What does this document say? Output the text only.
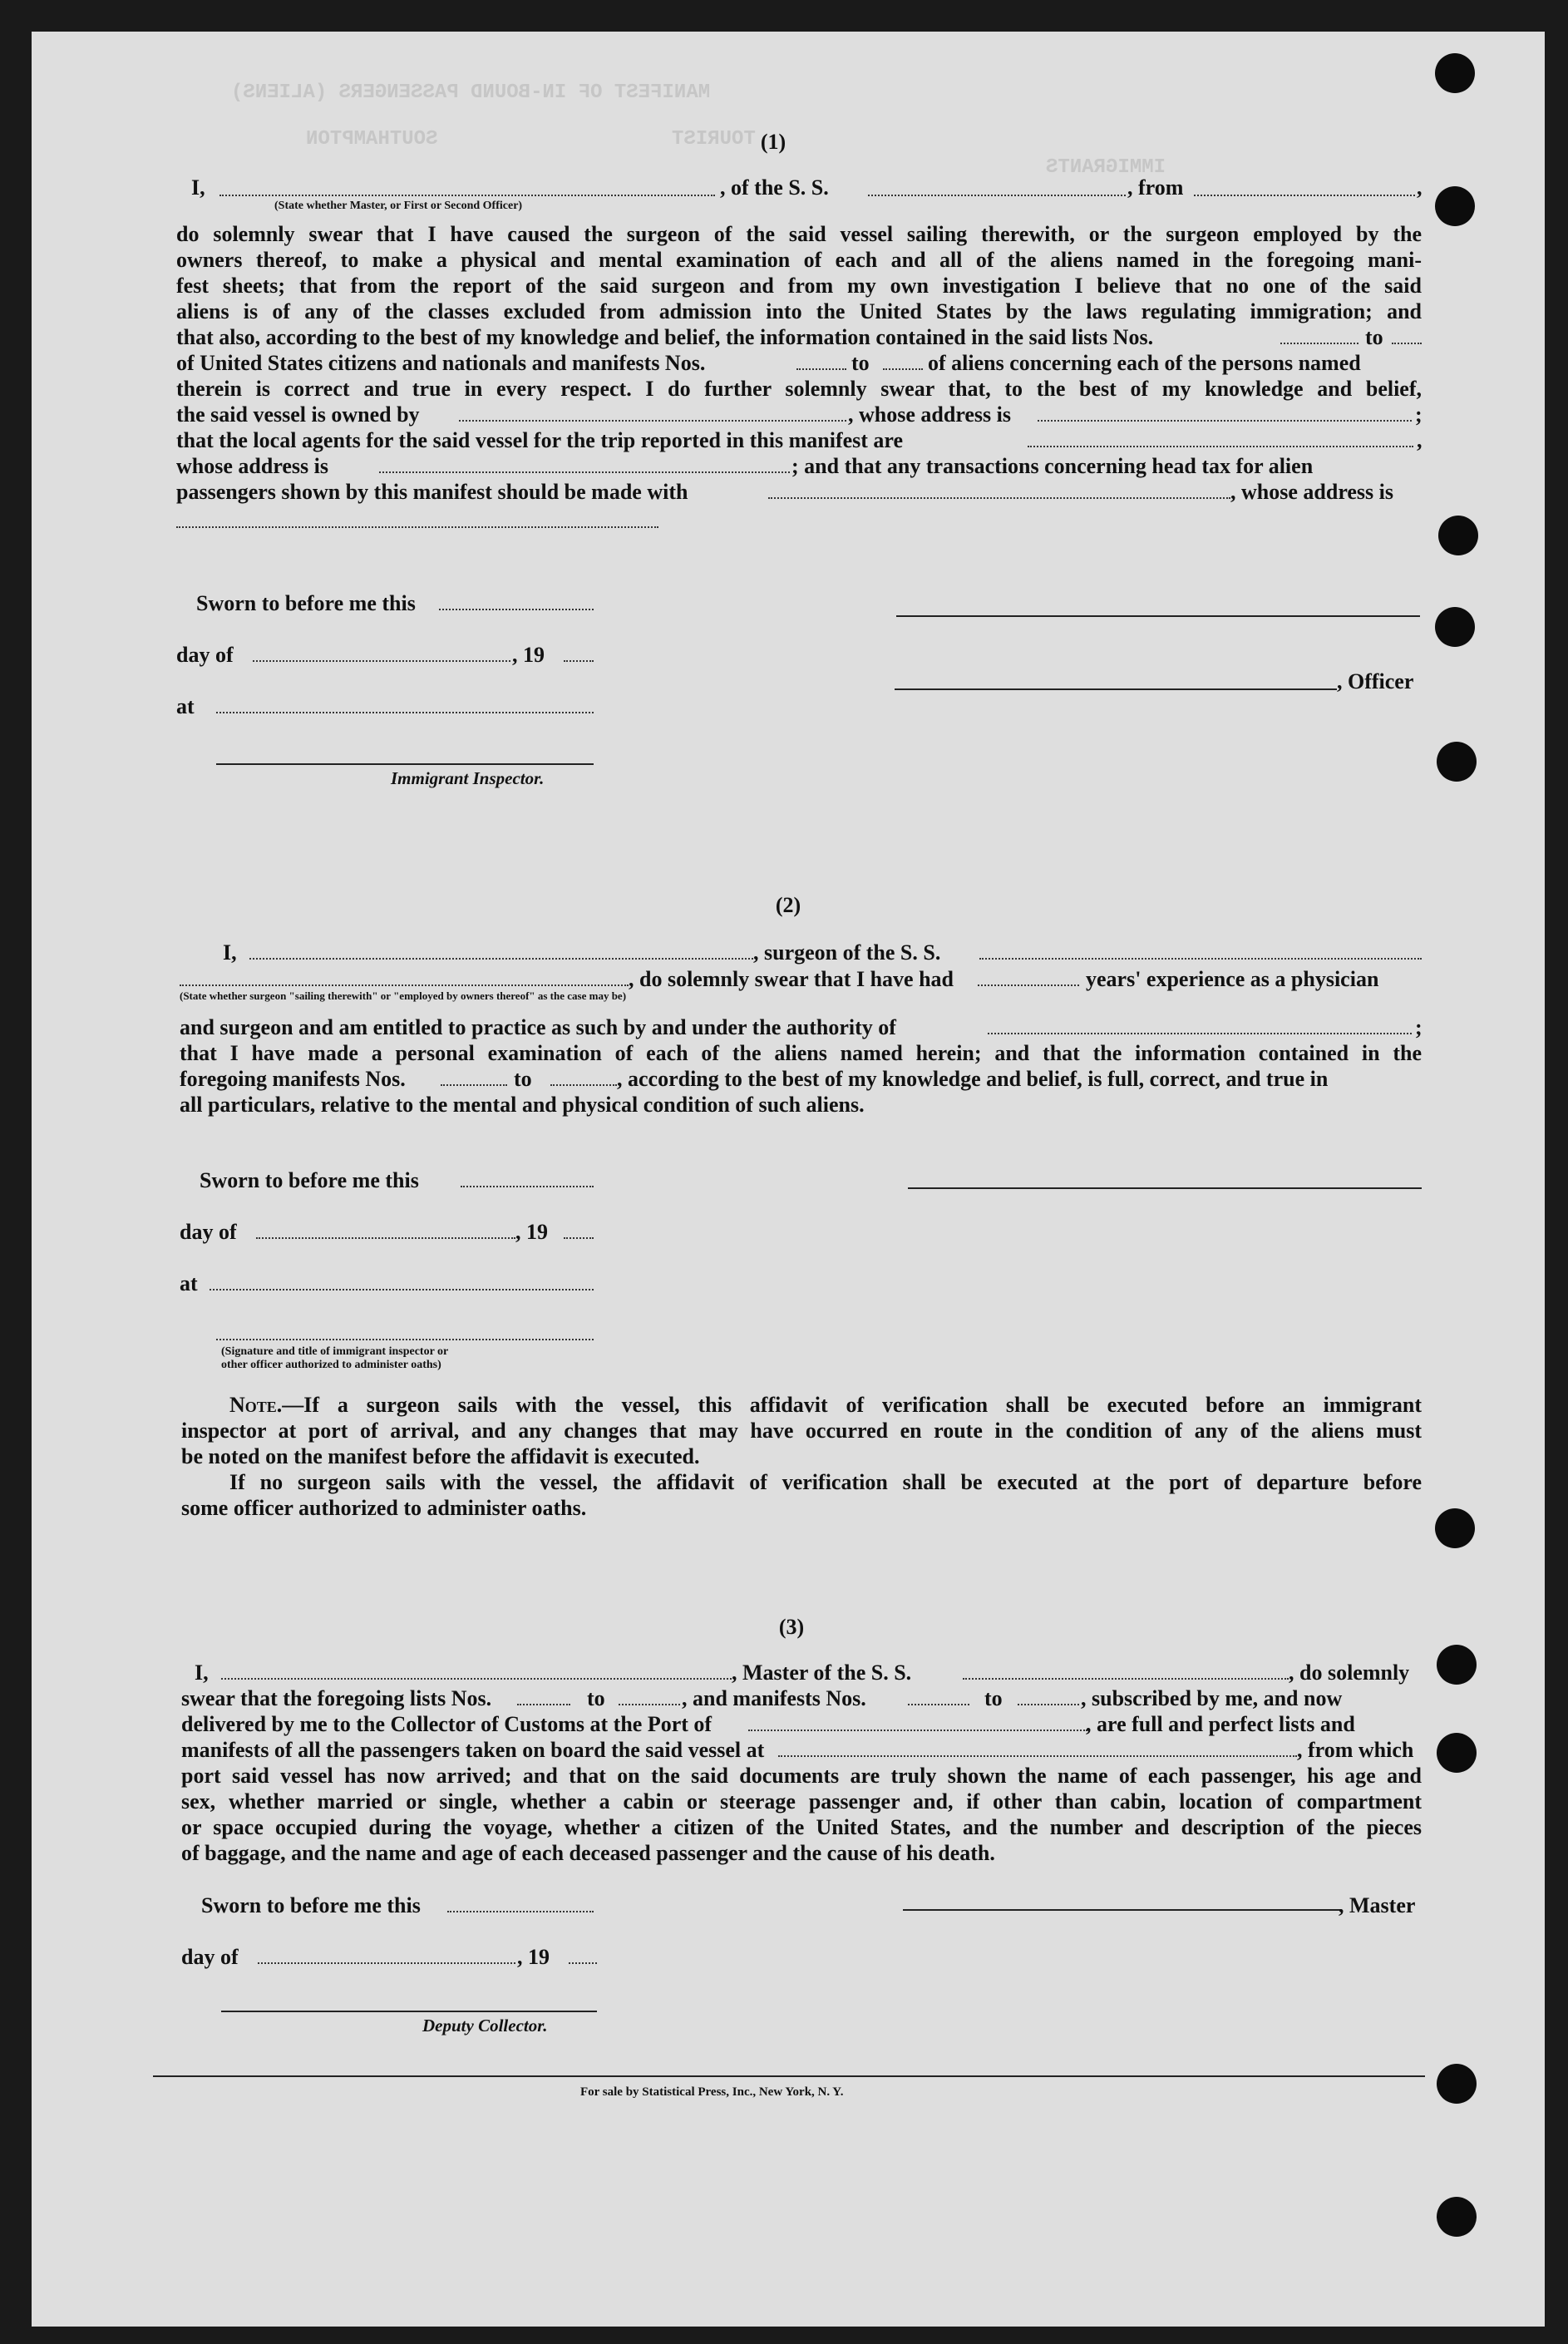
MANIFEST OF IN-BOUND PASSENGERS (ALIENS)
TOURIST
SOUTHAMPTON
IMMIGRANTS
(1)
I,
(State whether Master, or First or Second Officer)
, of the S. S.	, from	,
do solemnly swear that I have caused the surgeon of the said vessel sailing therewith, or the surgeon employed by the
owners thereof, to make a physical and mental examination of each and all of the aliens named in the foregoing mani-
fest sheets; that from the report of the said surgeon and from my own investigation I believe that no one of the said
aliens is of any of the classes excluded from admission into the United States by the laws regulating immigration; and
that also, according to the best of my knowledge and belief, the information contained in the said lists Nos.	to
of United States citizens and nationals and manifests Nos.	to	of aliens concerning each of the persons named
therein is correct and true in every respect. I do further solemnly swear that, to the best of my knowledge and belief,
the said vessel is owned by	, whose address is	;
that the local agents for the said vessel for the trip reported in this manifest are	,
whose address is	; and that any transactions concerning head tax for alien
passengers shown by this manifest should be made with	, whose address is
Sworn to before me this
day of	, 19
, Officer
at
Immigrant Inspector.
(2)
I,	, surgeon of the S. S.
, do solemnly swear that I have had	years' experience as a physician
(State whether surgeon "sailing therewith" or "employed by owners thereof" as the case may be)
and surgeon and am entitled to practice as such by and under the authority of	;
that I have made a personal examination of each of the aliens named herein; and that the information contained in the
foregoing manifests Nos.	to	, according to the best of my knowledge and belief, is full, correct, and true in
all particulars, relative to the mental and physical condition of such aliens.
Sworn to before me this
day of	, 19
at
(Signature and title of immigrant inspector or
other officer authorized to administer oaths)
Note.—If a surgeon sails with the vessel, this affidavit of verification shall be executed before an immigrant
inspector at port of arrival, and any changes that may have occurred en route in the condition of any of the aliens must
be noted on the manifest before the affidavit is executed.
If no surgeon sails with the vessel, the affidavit of verification shall be executed at the port of departure before
some officer authorized to administer oaths.
(3)
I,	, Master of the S. S.	, do solemnly
swear that the foregoing lists Nos.	to	, and manifests Nos.	to	, subscribed by me, and now
delivered by me to the Collector of Customs at the Port of	, are full and perfect lists and
manifests of all the passengers taken on board the said vessel at	, from which
port said vessel has now arrived; and that on the said documents are truly shown the name of each passenger, his age and
sex, whether married or single, whether a cabin or steerage passenger and, if other than cabin, location of compartment
or space occupied during the voyage, whether a citizen of the United States, and the number and description of the pieces
of baggage, and the name and age of each deceased passenger and the cause of his death.
Sworn to before me this	, Master
day of	, 19
Deputy Collector.
For sale by Statistical Press, Inc., New York, N. Y.
